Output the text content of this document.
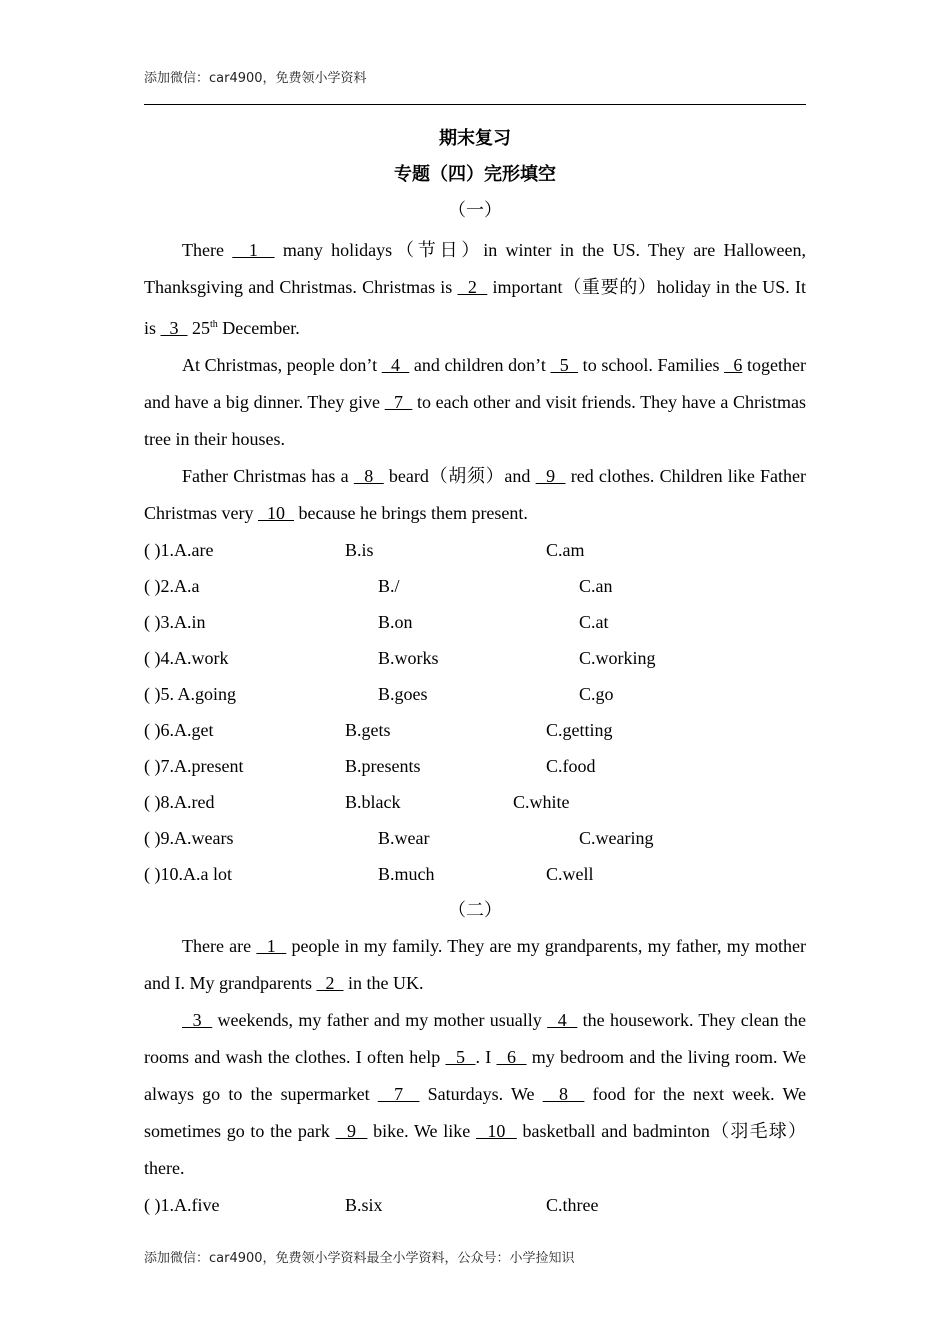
添加微信：car4900，免费领小学资料
期末复习
专题（四）完形填空
（一）

There   1   many holidays（节日）in winter in the US. They are Halloween, Thanksgiving and Christmas. Christmas is   2   important（重要的）holiday in the US. It is   3   25th December.

At Christmas, people don’t   4   and children don’t   5   to school. Families   6 together and have a big dinner. They give   7   to each other and visit friends. They have a Christmas tree in their houses.

Father Christmas has a   8   beard（胡须）and   9   red clothes. Children like Father Christmas very   10   because he brings them present.

( )1.A.are	B.is	C.am
( )2.A.a	B./	C.an
( )3.A.in	B.on	C.at
( )4.A.work	B.works	C.working
( )5. A.going	B.goes	C.go
( )6.A.get	B.gets	C.getting
( )7.A.present	B.presents	C.food
( )8.A.red	B.black	C.white
( )9.A.wears	B.wear	C.wearing
( )10.A.a lot	B.much	C.well
（二）

There are   1   people in my family. They are my grandparents, my father, my mother and I. My grandparents   2   in the UK.

3   weekends, my father and my mother usually   4   the housework. They clean the rooms and wash the clothes. I often help   5  . I   6   my bedroom and the living room. We always go to the supermarket   7   Saturdays. We   8   food for the next week. We sometimes go to the park   9   bike. We like   10   basketball and badminton（羽毛球） there.

( )1.A.five	B.six	C.three
添加微信：car4900，免费领小学资料最全小学资料，公众号：小学捡知识
